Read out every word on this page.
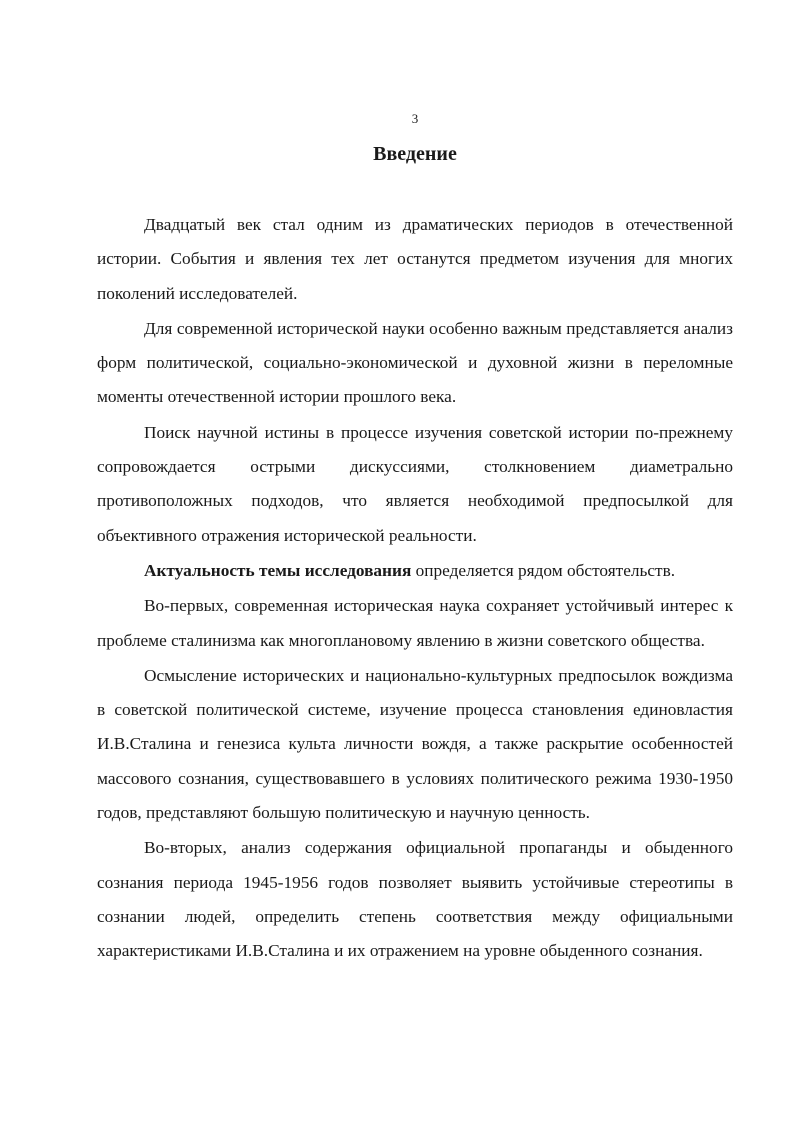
3
Введение

Двадцатый век стал одним из драматических периодов в отечественной истории. События и явления тех лет останутся предметом изучения для многих поколений исследователей.

Для современной исторической науки особенно важным представляется анализ форм политической, социально-экономической и духовной жизни в переломные моменты отечественной истории прошлого века.

Поиск научной истины в процессе изучения советской истории по-прежнему сопровождается острыми дискуссиями, столкновением диаметрально противоположных подходов, что является необходимой предпосылкой для объективного отражения исторической реальности.

Актуальность темы исследования определяется рядом обстоятельств.

Во-первых, современная историческая наука сохраняет устойчивый интерес к проблеме сталинизма как многоплановому явлению в жизни советского общества.

Осмысление исторических и национально-культурных предпосылок вождизма в советской политической системе, изучение процесса становления единовластия И.В.Сталина и генезиса культа личности вождя, а также раскрытие особенностей массового сознания, существовавшего в условиях политического режима 1930-1950 годов, представляют большую политическую и научную ценность.

Во-вторых, анализ содержания официальной пропаганды и обыденного сознания периода 1945-1956 годов позволяет выявить устойчивые стереотипы в сознании людей, определить степень соответствия между официальными характеристиками И.В.Сталина и их отражением на уровне обыденного сознания.
